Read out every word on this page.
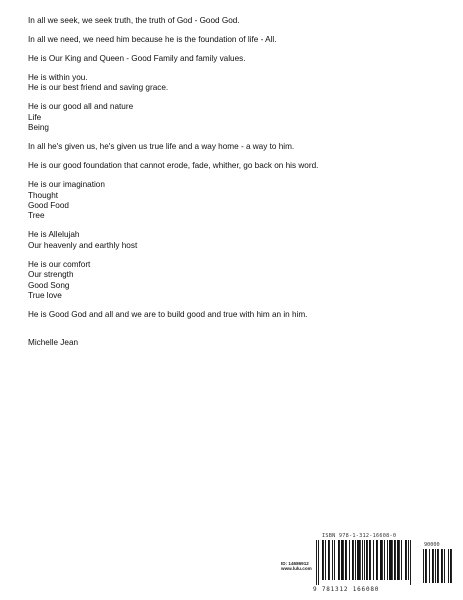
In all we seek, we seek truth, the truth of God - Good God.
In all we need, we need him because he is the foundation of life - All.
He is Our King and Queen - Good Family and family values.
He is within you.
He is our best friend and saving grace.
He is our good all and nature
Life
Being
In all he's given us, he's given us true life and a way home - a way to him.
He is our good foundation that cannot erode, fade, whither, go back on his word.
He is our imagination
Thought
Good Food
Tree
He is Allelujah
Our heavenly and earthly host
He is our comfort
Our strength
Good Song
True love
He is Good God and all and we are to build good and true with him an in him.
Michelle Jean
ISBN 978-1-312-16608-0
90000
ID: 14686912
www.lulu.com
9 781312 166080
